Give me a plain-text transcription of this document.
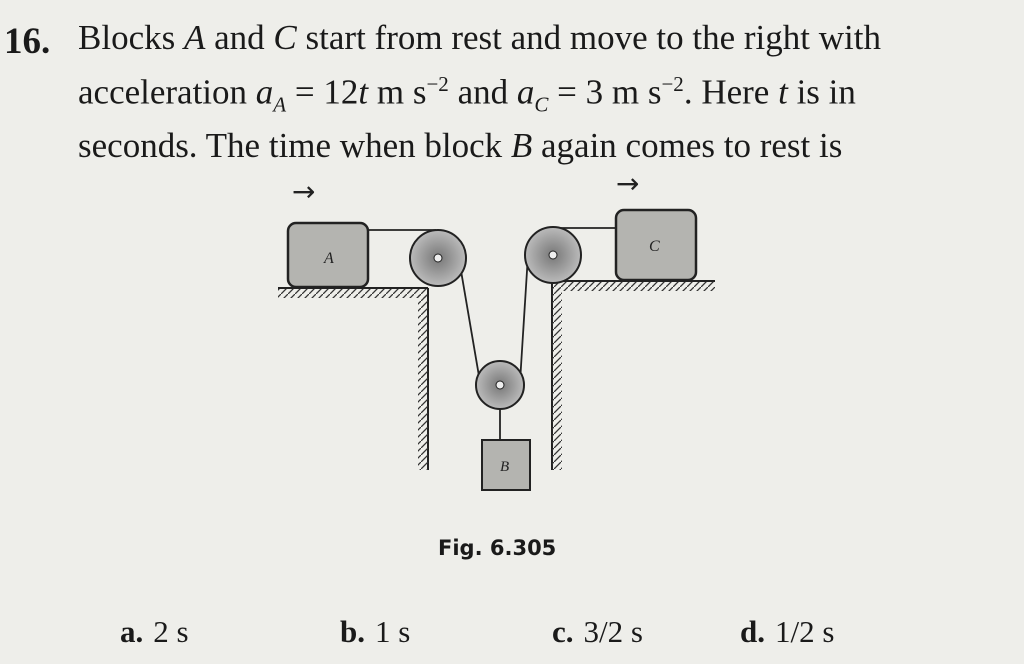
16. Blocks A and C start from rest and move to the right with
acceleration $a_A = 12t$ m $s^{-2}$ and $a_C = 3$ m $s^{-2}$. Here t is in
seconds. The time when block B again comes to rest is
A
C
B
→	→
Fig. 6.305
a. 2 s	b. 1 s	c. 3/2 s	d. 1/2 s
